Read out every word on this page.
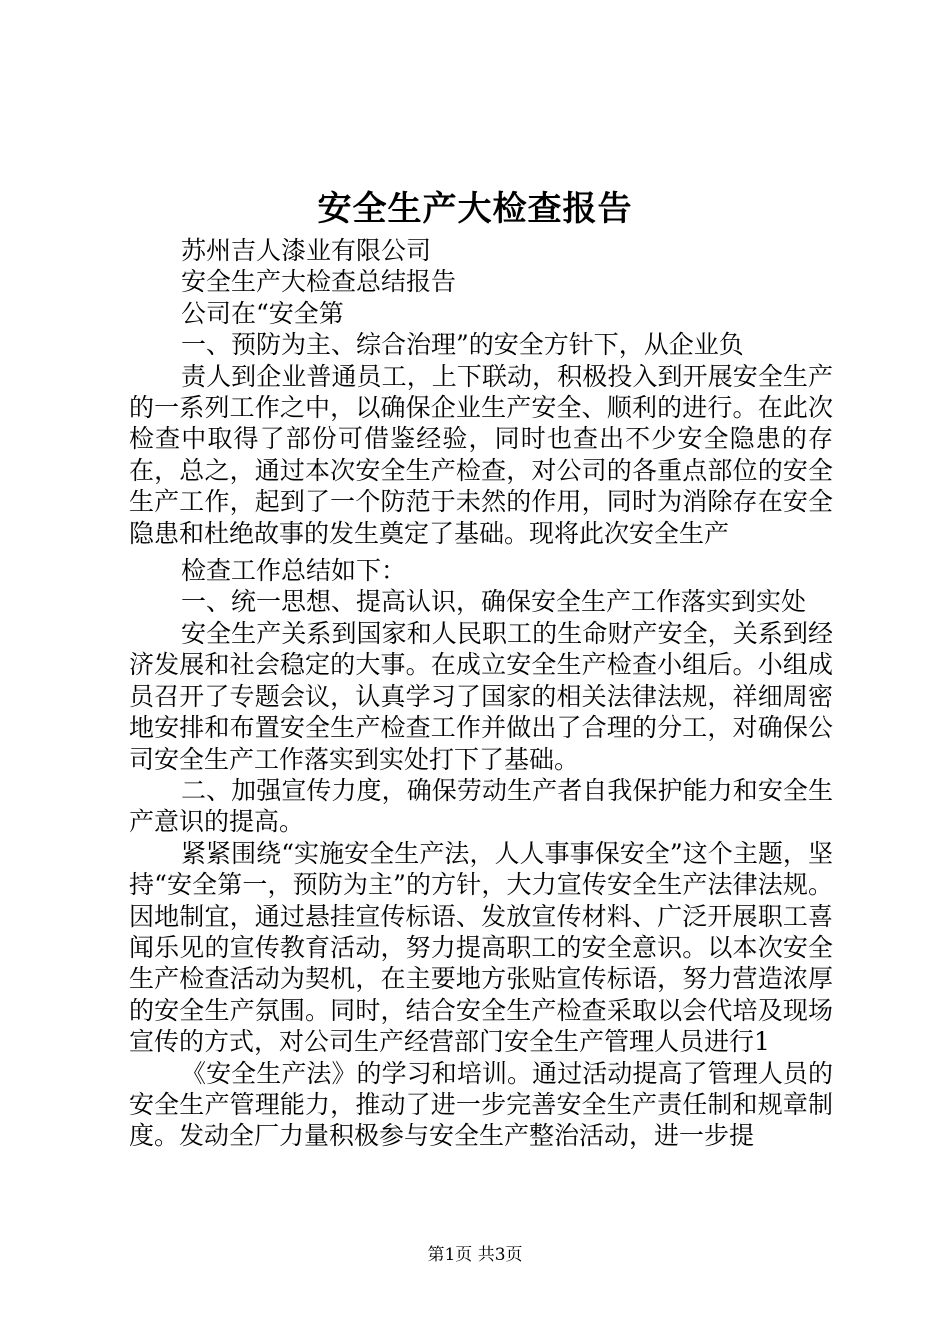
安全生产大检查报告

苏州吉人漆业有限公司

安全生产大检查总结报告

公司在“安全第

一、预防为主、综合治理”的安全方针下，从企业负

责人到企业普通员工，上下联动，积极投入到开展安全生产的一系列工作之中，以确保企业生产安全、顺利的进行。在此次检查中取得了部份可借鉴经验，同时也查出不少安全隐患的存在，总之，通过本次安全生产检查，对公司的各重点部位的安全生产工作，起到了一个防范于未然的作用，同时为消除存在安全隐患和杜绝故事的发生奠定了基础。现将此次安全生产

检查工作总结如下：

一、统一思想、提高认识，确保安全生产工作落实到实处

安全生产关系到国家和人民职工的生命财产安全，关系到经济发展和社会稳定的大事。在成立安全生产检查小组后。小组成员召开了专题会议，认真学习了国家的相关法律法规，祥细周密地安排和布置安全生产检查工作并做出了合理的分工，对确保公司安全生产工作落实到实处打下了基础。

二、加强宣传力度，确保劳动生产者自我保护能力和安全生产意识的提高。

紧紧围绕“实施安全生产法，人人事事保安全”这个主题，坚持“安全第一，预防为主”的方针，大力宣传安全生产法律法规。因地制宜，通过悬挂宣传标语、发放宣传材料、广泛开展职工喜闻乐见的宣传教育活动，努力提高职工的安全意识。以本次安全生产检查活动为契机，在主要地方张贴宣传标语，努力营造浓厚的安全生产氛围。同时，结合安全生产检查采取以会代培及现场宣传的方式，对公司生产经营部门安全生产管理人员进行1

《安全生产法》的学习和培训。通过活动提高了管理人员的安全生产管理能力，推动了进一步完善安全生产责任制和规章制度。发动全厂力量积极参与安全生产整治活动，进一步提

第1页 共3页
